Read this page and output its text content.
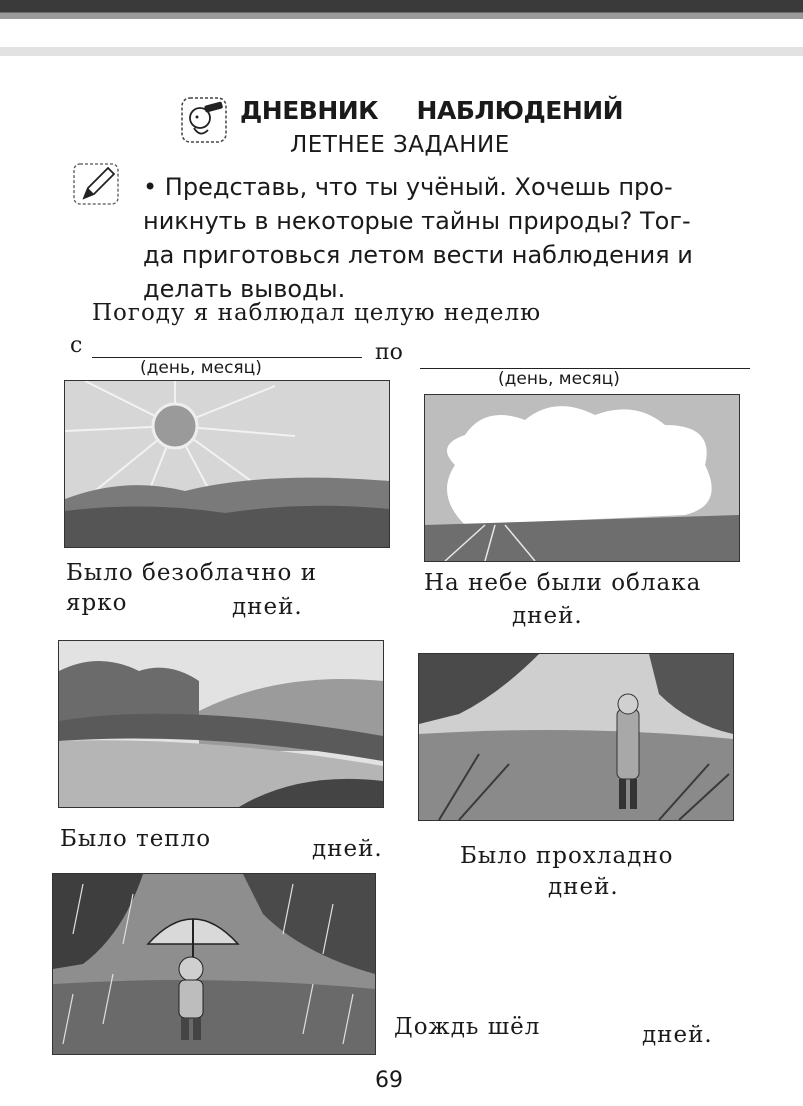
ДНЕВНИК НАБЛЮДЕНИЙ
ЛЕТНЕЕ ЗАДАНИЕ
• Представь, что ты учёный. Хочешь про-
никнуть в некоторые тайны природы? Тог-
да приготовься летом вести наблюдения и
делать выводы.
Погоду я наблюдал целую неделю
с
(день, месяц)
по
(день, месяц)
Было безоблачно и
ярко	дней.
На небе были облака
дней.
Было тепло	дней.	Было прохладно
дней.
Дождь шёл	дней.
69
